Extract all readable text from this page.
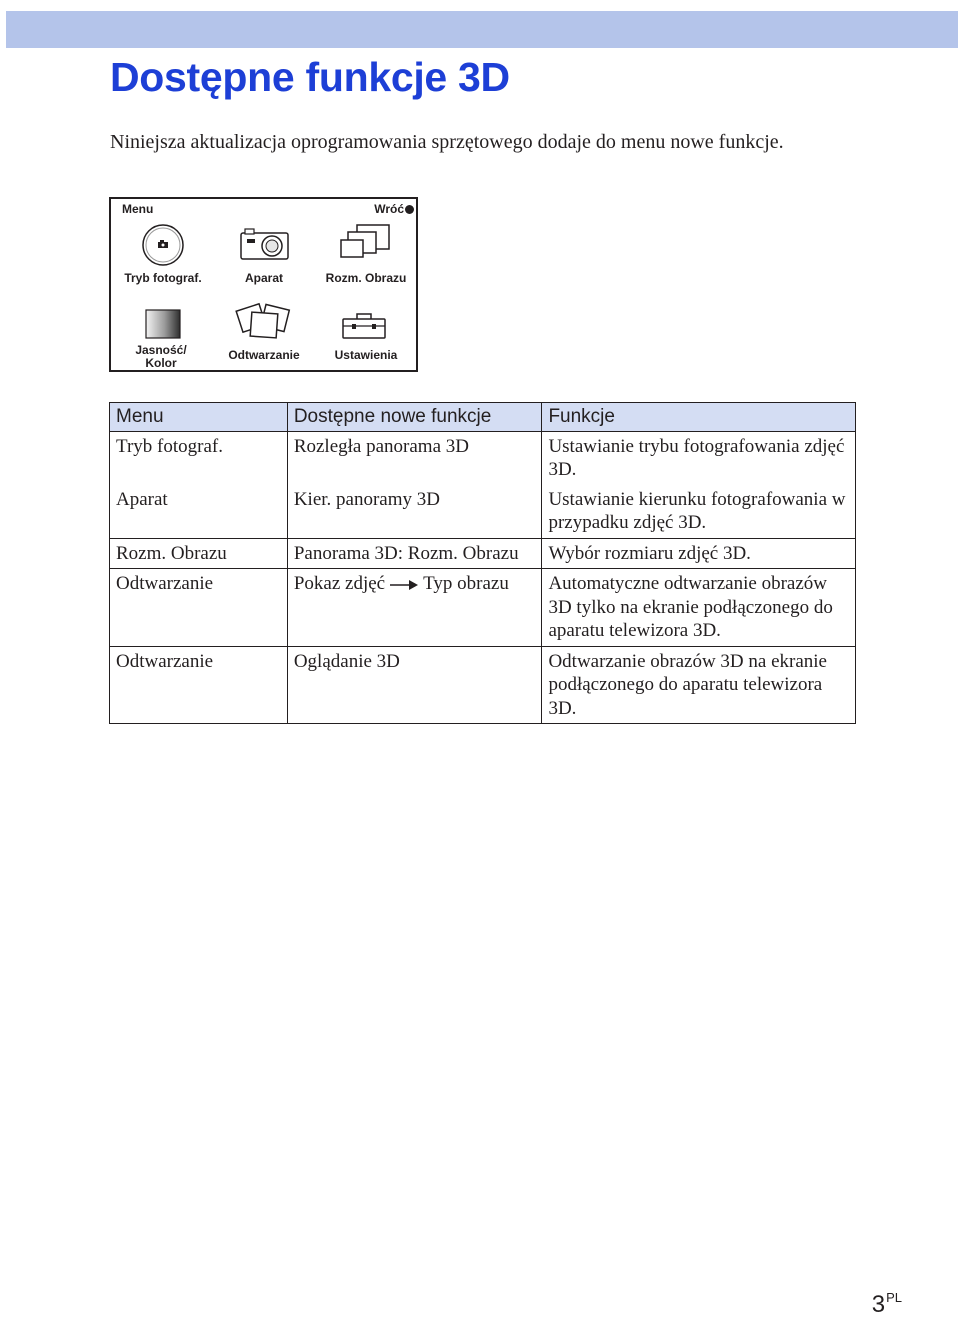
Dostępne funkcje 3D

Niniejsza aktualizacja oprogramowania sprzętowego dodaje do menu nowe funkcje.

Menu	Wróć
Tryb fotograf.	Aparat	Rozm. Obrazu
Jasność/
Kolor
Odtwarzanie	Ustawienia
Menu	Dostępne nowe funkcje	Funkcje
Tryb fotograf.	Rozległa panorama 3D	Ustawianie trybu fotografowania zdjęć 3D.
Aparat	Kier. panoramy 3D	Ustawianie kierunku fotografowania w przypadku zdjęć 3D.
Rozm. Obrazu	Panorama 3D: Rozm. Obrazu	Wybór rozmiaru zdjęć 3D.
Odtwarzanie	Pokaz zdjęć Typ obrazu	Automatyczne odtwarzanie obrazów 3D tylko na ekranie podłączonego do aparatu telewizora 3D.
Odtwarzanie	Oglądanie 3D	Odtwarzanie obrazów 3D na ekranie podłączonego do aparatu telewizora 3D.
$3^{PL}$
